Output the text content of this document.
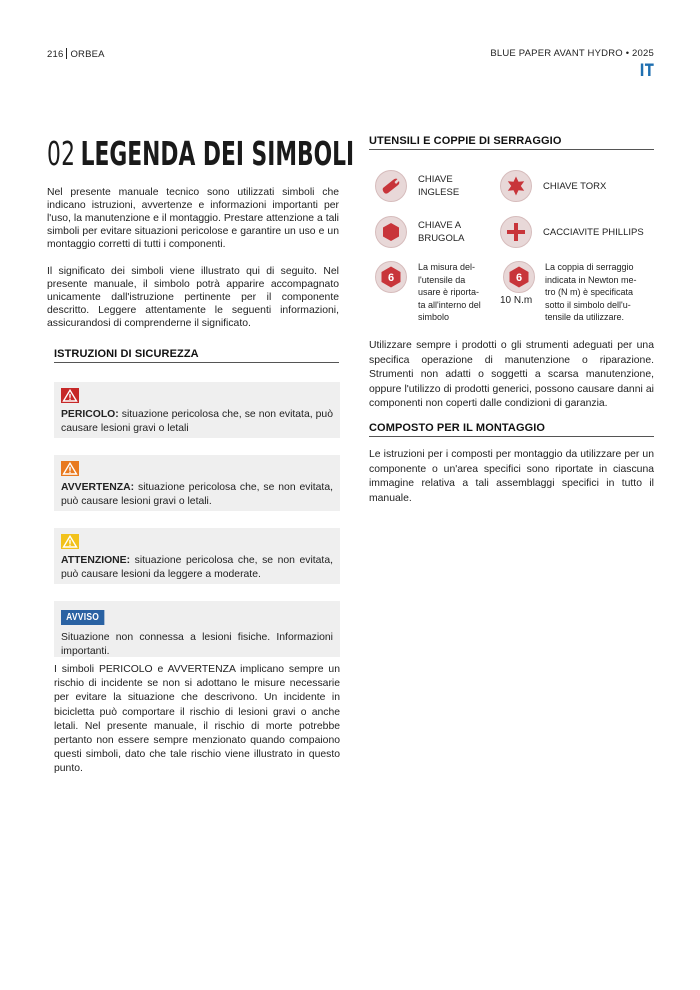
216 ORBEA	BLUE PAPER AVANT HYDRO • 2025
IT
02 LEGENDA DEI SIMBOLI

Nel presente manuale tecnico sono utilizzati simboli che indicano istruzioni, avvertenze e informazioni importanti per l'uso, la manutenzione e il montaggio. Prestare attenzione a tali simboli per evitare situazioni pericolose e garantire un uso e un montaggio corretti di tutti i componenti.

Il significato dei simboli viene illustrato qui di seguito. Nel presente manuale, il simbolo potrà apparire accompagnato unicamente dall'istruzione pertinente per il componente descritto. Leggere attentamente le seguenti informazioni, assicurandosi di comprenderne il significato.

ISTRUZIONI DI SICUREZZA
PERICOLO: situazione pericolosa che, se non evitata, può causare lesioni gravi o letali
AVVERTENZA: situazione pericolosa che, se non evitata, può causare lesioni gravi o letali.
ATTENZIONE: situazione pericolosa che, se non evitata, può causare lesioni da leggere a moderate.
AVVISO
Situazione non connessa a lesioni fisiche. Informazioni importanti.

I simboli PERICOLO e AVVERTENZA implicano sempre un rischio di incidente se non si adottano le misure necessarie per evitare la situazione che descrivono. Un incidente in bicicletta può comportare il rischio di lesioni gravi o anche letali. Nel presente manuale, il rischio di morte potrebbe pertanto non essere sempre menzionato quando compaiono questi simboli, dato che tale rischio viene illustrato in questo punto.

UTENSILI E COPPIE DI SERRAGGIO
CHIAVE
INGLESE
CHIAVE TORX
CHIAVE A
BRUGOLA
CACCIAVITE PHILLIPS
6
La misura del-
l'utensile da
usare è riporta-
ta all'interno del
simbolo
6
10 N.m
La coppia di serraggio
indicata in Newton me-
tro (N m) è specificata
sotto il simbolo dell'u-
tensile da utilizzare.

Utilizzare sempre i prodotti o gli strumenti adeguati per una specifica operazione di manutenzione o riparazione. Strumenti non adatti o soggetti a scarsa manutenzione, oppure l'utilizzo di prodotti generici, possono causare danni ai componenti non coperti dalle condizioni di garanzia.

COMPOSTO PER IL MONTAGGIO

Le istruzioni per i composti per montaggio da utilizzare per un componente o un'area specifici sono riportate in ciascuna immagine relativa a tali assemblaggi specifici in tutto il manuale.
